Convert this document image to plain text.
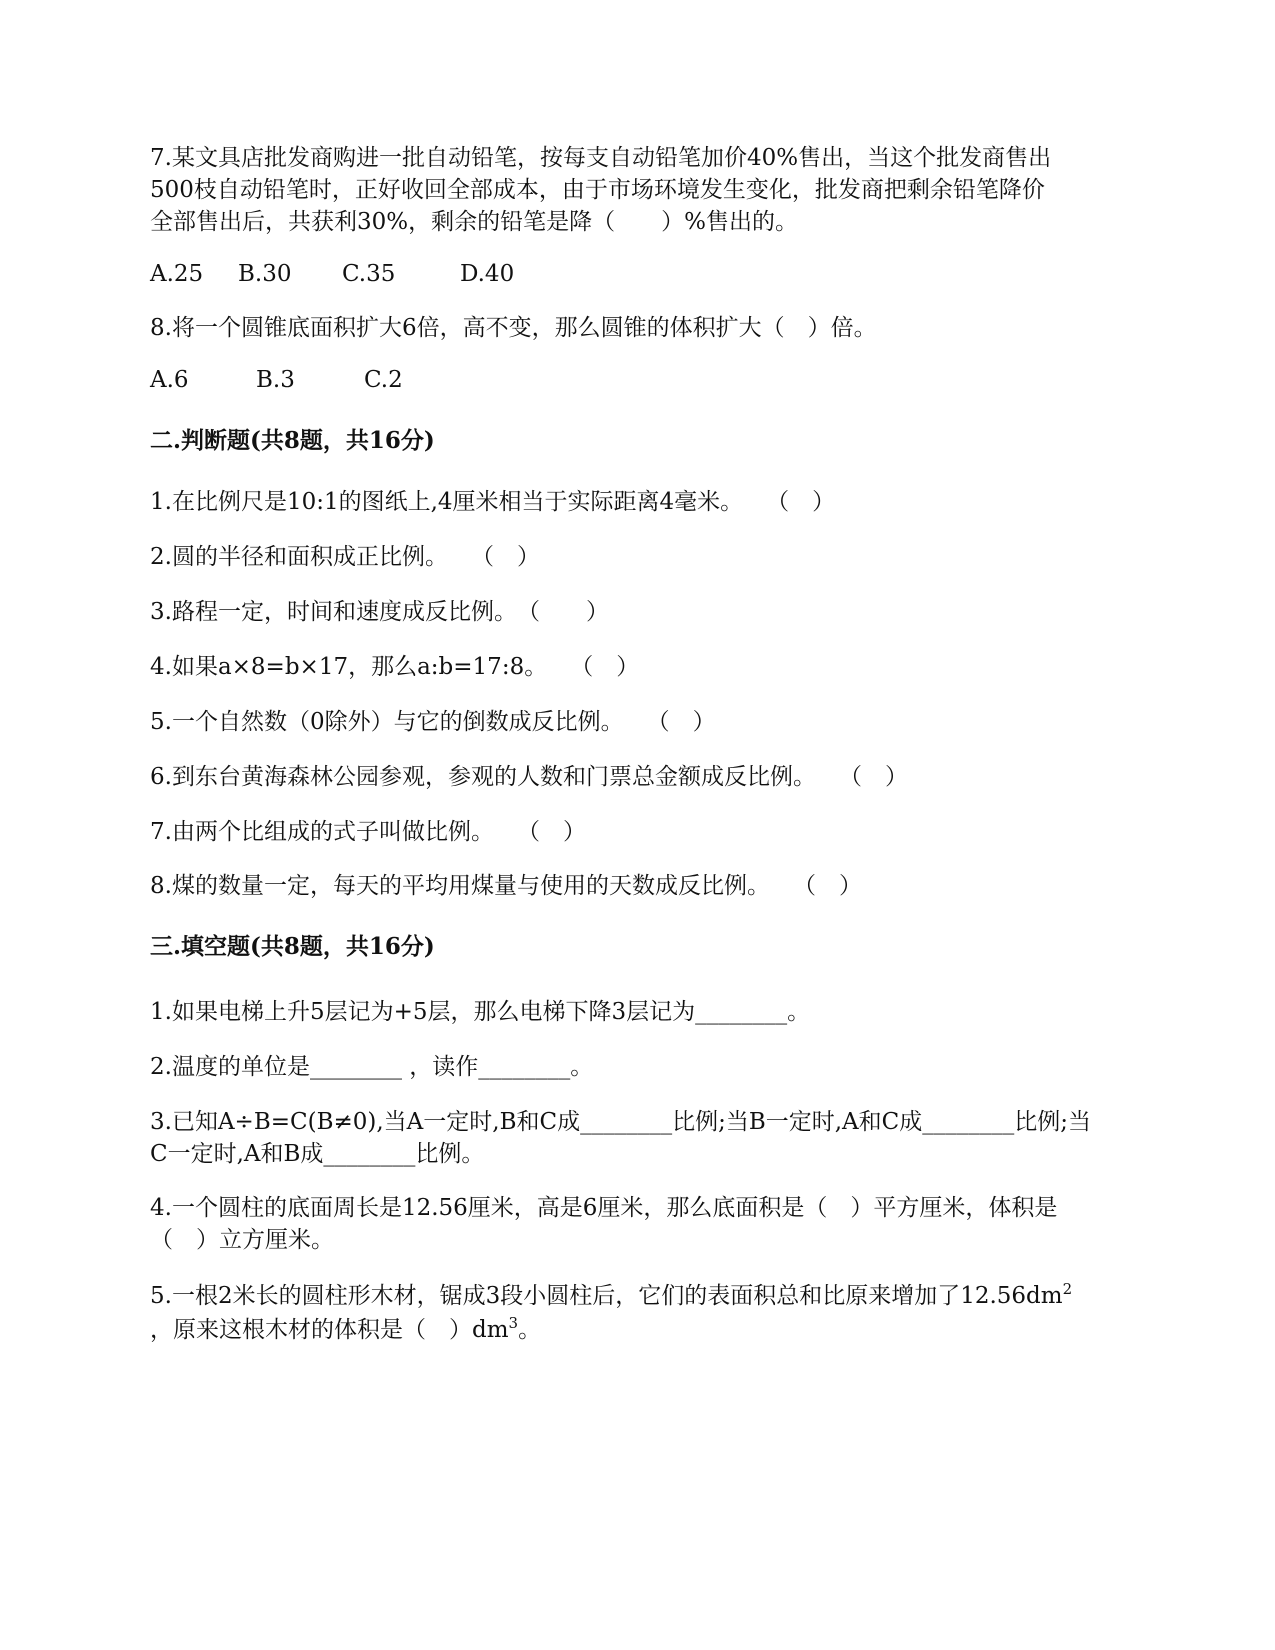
7.某文具店批发商购进一批自动铅笔，按每支自动铅笔加价40%售出，当这个批发商售出
500枝自动铅笔时，正好收回全部成本，由于市场环境发生变化，批发商把剩余铅笔降价
全部售出后，共获利30%，剩余的铅笔是降（　　）%售出的。
A.25 B.30 C.35	D.40
8.将一个圆锥底面积扩大6倍，高不变，那么圆锥的体积扩大（　）倍。
A.6	B.3	C.2
二.判断题(共8题，共16分)
1.在比例尺是10:1的图纸上,4厘米相当于实际距离4毫米。　　（　）
2.圆的半径和面积成正比例。　　（　）
3.路程一定，时间和速度成反比例。　（　　）
4.如果a×8=b×17，那么a:b=17:8。　　（　）
5.一个自然数（0除外）与它的倒数成反比例。　　（　）
6.到东台黄海森林公园参观，参观的人数和门票总金额成反比例。　　（　）
7.由两个比组成的式子叫做比例。　　（　）
8.煤的数量一定，每天的平均用煤量与使用的天数成反比例。　　（　）
三.填空题(共8题，共16分)
1.如果电梯上升5层记为+5层，那么电梯下降3层记为________。
2.温度的单位是________ ，读作________。
3.已知A÷B=C(B≠0),当A一定时,B和C成________比例;当B一定时,A和C成________比例;当
C一定时,A和B成________比例。
4.一个圆柱的底面周长是12.56厘米，高是6厘米，那么底面积是（　）平方厘米，体积是
（　）立方厘米。
5.一根2米长的圆柱形木材，锯成3段小圆柱后，它们的表面积总和比原来增加了$12.56dm^2$
，原来这根木材的体积是（　）$dm^3$。
